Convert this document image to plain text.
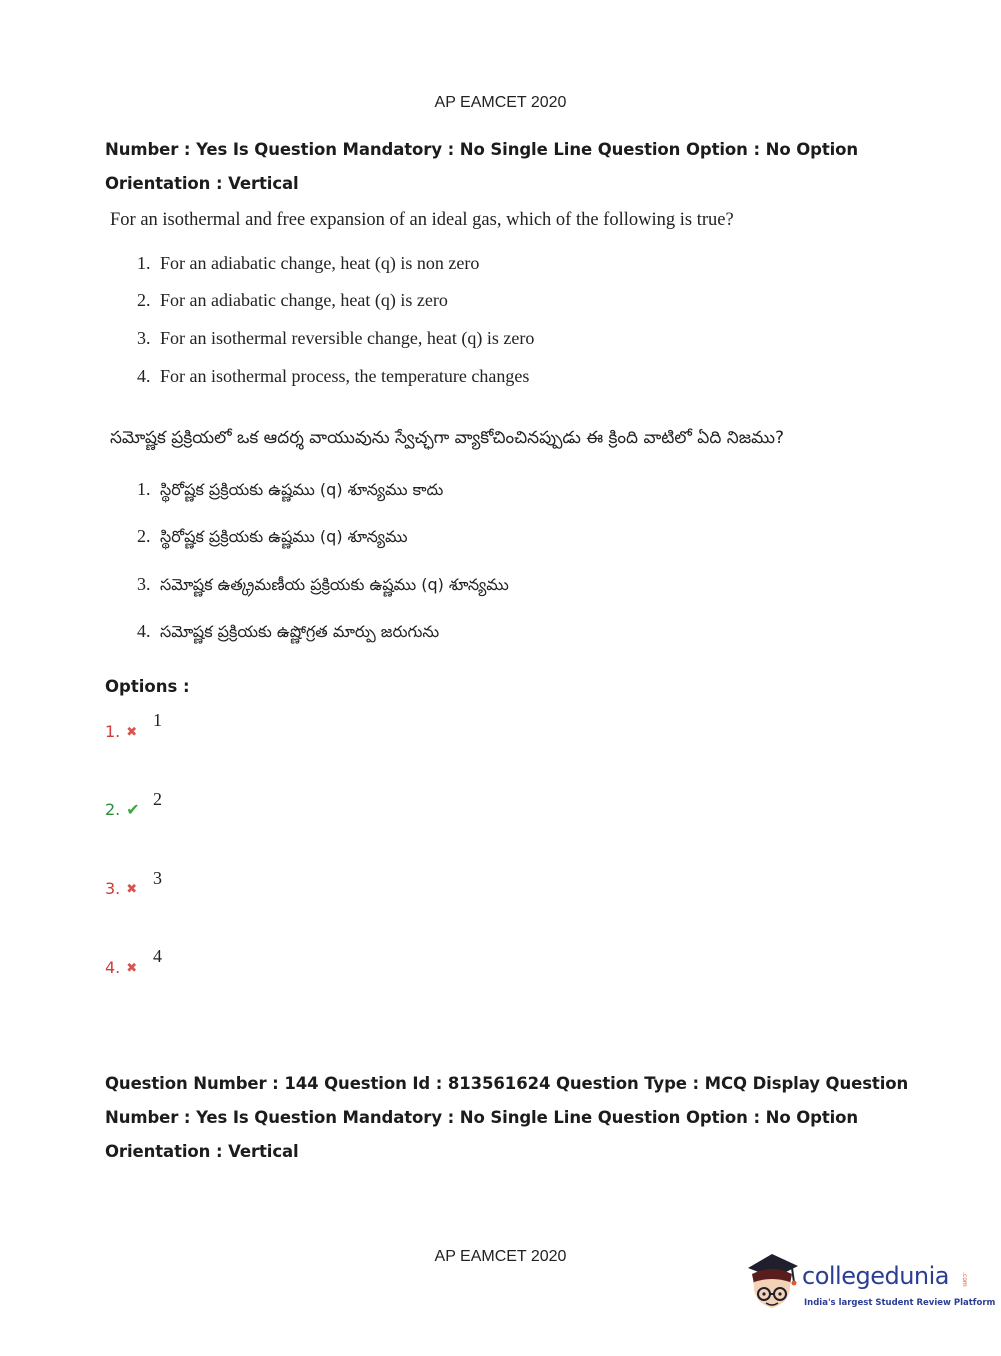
AP EAMCET 2020
Number : Yes Is Question Mandatory : No Single Line Question Option : No Option
Orientation : Vertical
For an isothermal and free expansion of an ideal gas, which of the following is true?
1. For an adiabatic change, heat (q) is non zero
2. For an adiabatic change, heat (q) is zero
3. For an isothermal reversible change, heat (q) is zero
4. For an isothermal process, the temperature changes
సమోష్ణక ప్రక్రియలో ఒక ఆదర్శ వాయువును స్వేచ్ఛగా వ్యాకోచించినప్పుడు ఈ క్రింది వాటిలో ఏది నిజము?
1. స్థిరోష్ణక ప్రక్రియకు ఉష్ణము (q) శూన్యము కాదు
2. స్థిరోష్ణక ప్రక్రియకు ఉష్ణము (q) శూన్యము
3. సమోష్ణక ఉత్క్రమణీయ ప్రక్రియకు ఉష్ణము (q) శూన్యము
4. సమోష్ణక ప్రక్రియకు ఉష్ణోగ్రత మార్పు జరుగును
Options :
1. ✖
1
2. ✔
2
3. ✖
3
4. ✖
4
Question Number : 144 Question Id : 813561624 Question Type : MCQ Display Question
Number : Yes Is Question Mandatory : No Single Line Question Option : No Option
Orientation : Vertical
AP EAMCET 2020
collegedunia .com
India's largest Student Review Platform
